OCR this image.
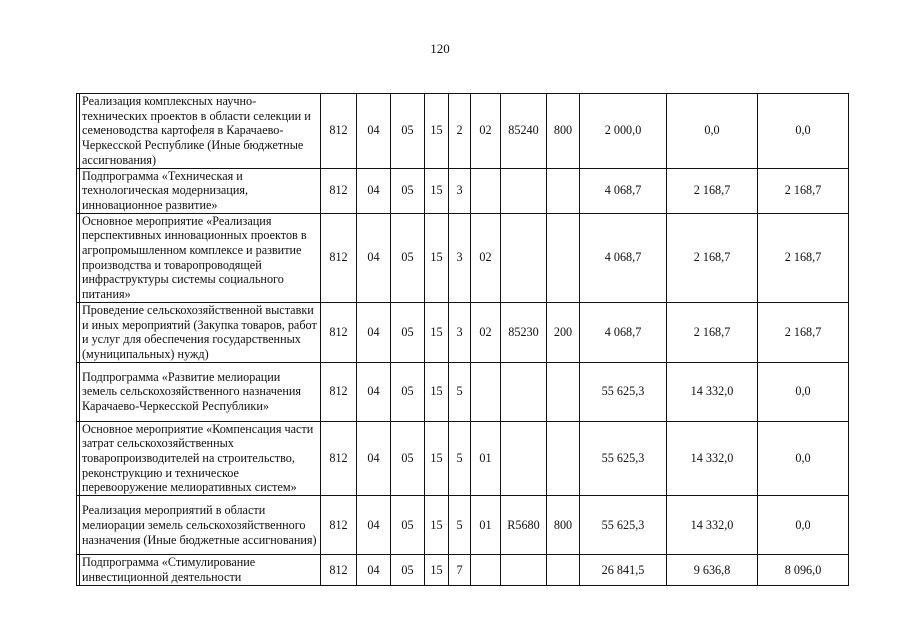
120
	Реализация комплексных научно-технических проектов в области селекции и семеноводства картофеля в Карачаево-Черкесской Республике (Иные бюджетные ассигнования)	812	04	05	15	2	02	85240	800	2 000,0	0,0	0,0
	Подпрограмма «Техническая и технологическая модернизация, инновационное развитие»	812	04	05	15	3				4 068,7	2 168,7	2 168,7
	Основное мероприятие «Реализация перспективных инновационных проектов в агропромышленном комплексе и развитие производства и товаропроводящей инфраструктуры системы социального питания»	812	04	05	15	3	02			4 068,7	2 168,7	2 168,7
	Проведение сельскохозяйственной выставки и иных мероприятий (Закупка товаров, работ и услуг для обеспечения государственных (муниципальных) нужд)	812	04	05	15	3	02	85230	200	4 068,7	2 168,7	2 168,7
	Подпрограмма «Развитие мелиорации земель сельскохозяйственного назначения Карачаево-Черкесской Республики»	812	04	05	15	5				55 625,3	14 332,0	0,0
	Основное мероприятие «Компенсация части затрат сельскохозяйственных товаропроизводителей на строительство, реконструкцию и техническое перевооружение мелиоративных систем»	812	04	05	15	5	01			55 625,3	14 332,0	0,0
	Реализация мероприятий в области мелиорации земель сельскохозяйственного назначения (Иные бюджетные ассигнования)	812	04	05	15	5	01	R5680	800	55 625,3	14 332,0	0,0
	Подпрограмма «Стимулирование инвестиционной деятельности	812	04	05	15	7				26 841,5	9 636,8	8 096,0
